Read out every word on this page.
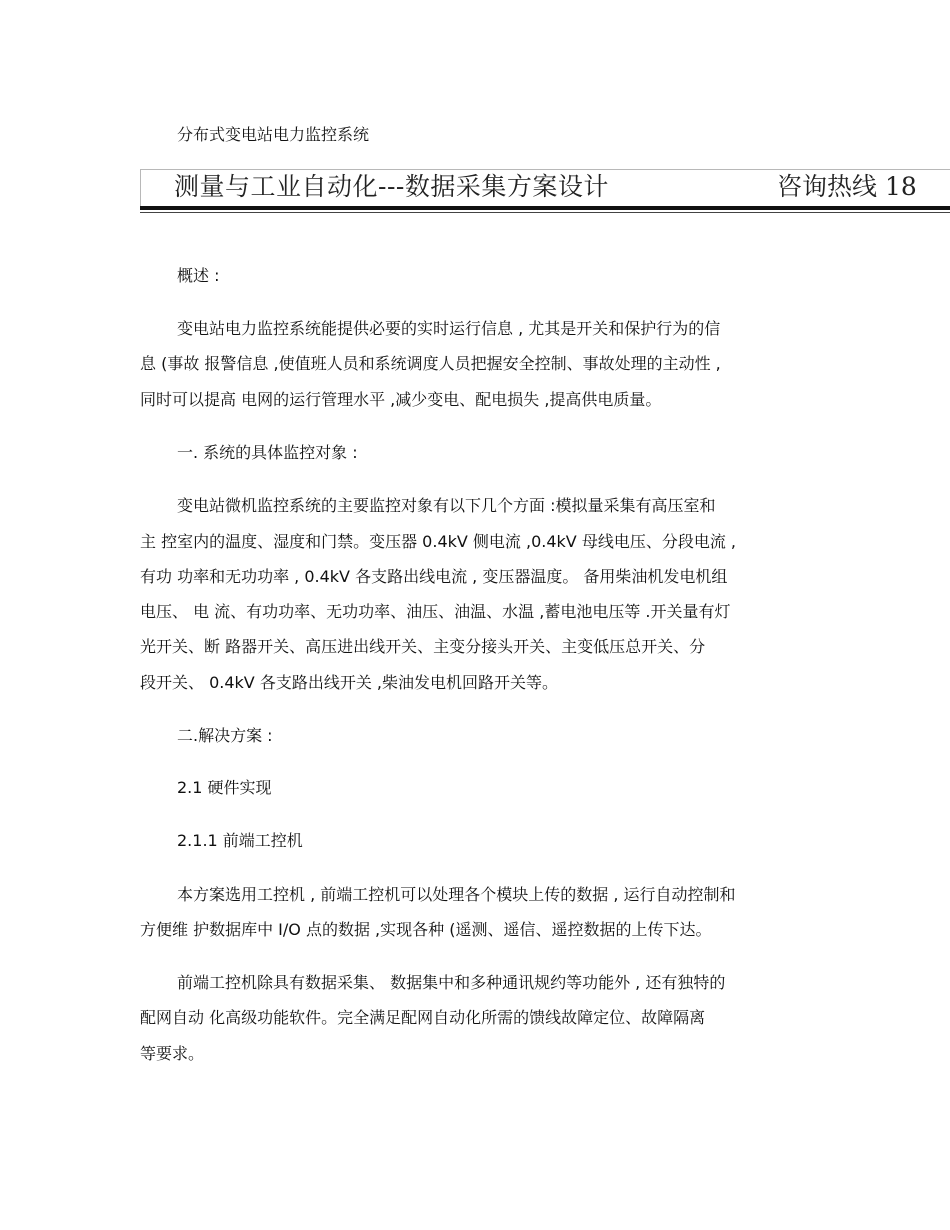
分布式变电站电力监控系统
测量与工业自动化---数据采集方案设计	咨询热线 18
概述 :
变电站电力监控系统能提供必要的实时运行信息 , 尤其是开关和保护行为的信
息 (事故 报警信息 ,使值班人员和系统调度人员把握安全控制、事故处理的主动性 ,
同时可以提高 电网的运行管理水平 ,减少变电、配电损失 ,提高供电质量。
一. 系统的具体监控对象 :
变电站微机监控系统的主要监控对象有以下几个方面 :模拟量采集有高压室和
主 控室内的温度、湿度和门禁。变压器 0.4kV 侧电流 ,0.4kV 母线电压、分段电流 ,
有功 功率和无功功率 , 0.4kV 各支路出线电流 , 变压器温度。 备用柴油机发电机组
电压、 电 流、有功功率、无功功率、油压、油温、水温 ,蓄电池电压等 .开关量有灯
光开关、断 路器开关、高压进出线开关、主变分接头开关、主变低压总开关、分
段开关、 0.4kV 各支路出线开关 ,柴油发电机回路开关等。
二.解决方案 :
2.1 硬件实现
2.1.1 前端工控机
本方案选用工控机 , 前端工控机可以处理各个模块上传的数据 , 运行自动控制和
方便维 护数据库中 I/O 点的数据 ,实现各种 (遥测、遥信、遥控数据的上传下达。
前端工控机除具有数据采集、 数据集中和多种通讯规约等功能外 , 还有独特的
配网自动 化高级功能软件。完全满足配网自动化所需的馈线故障定位、故障隔离
等要求。
